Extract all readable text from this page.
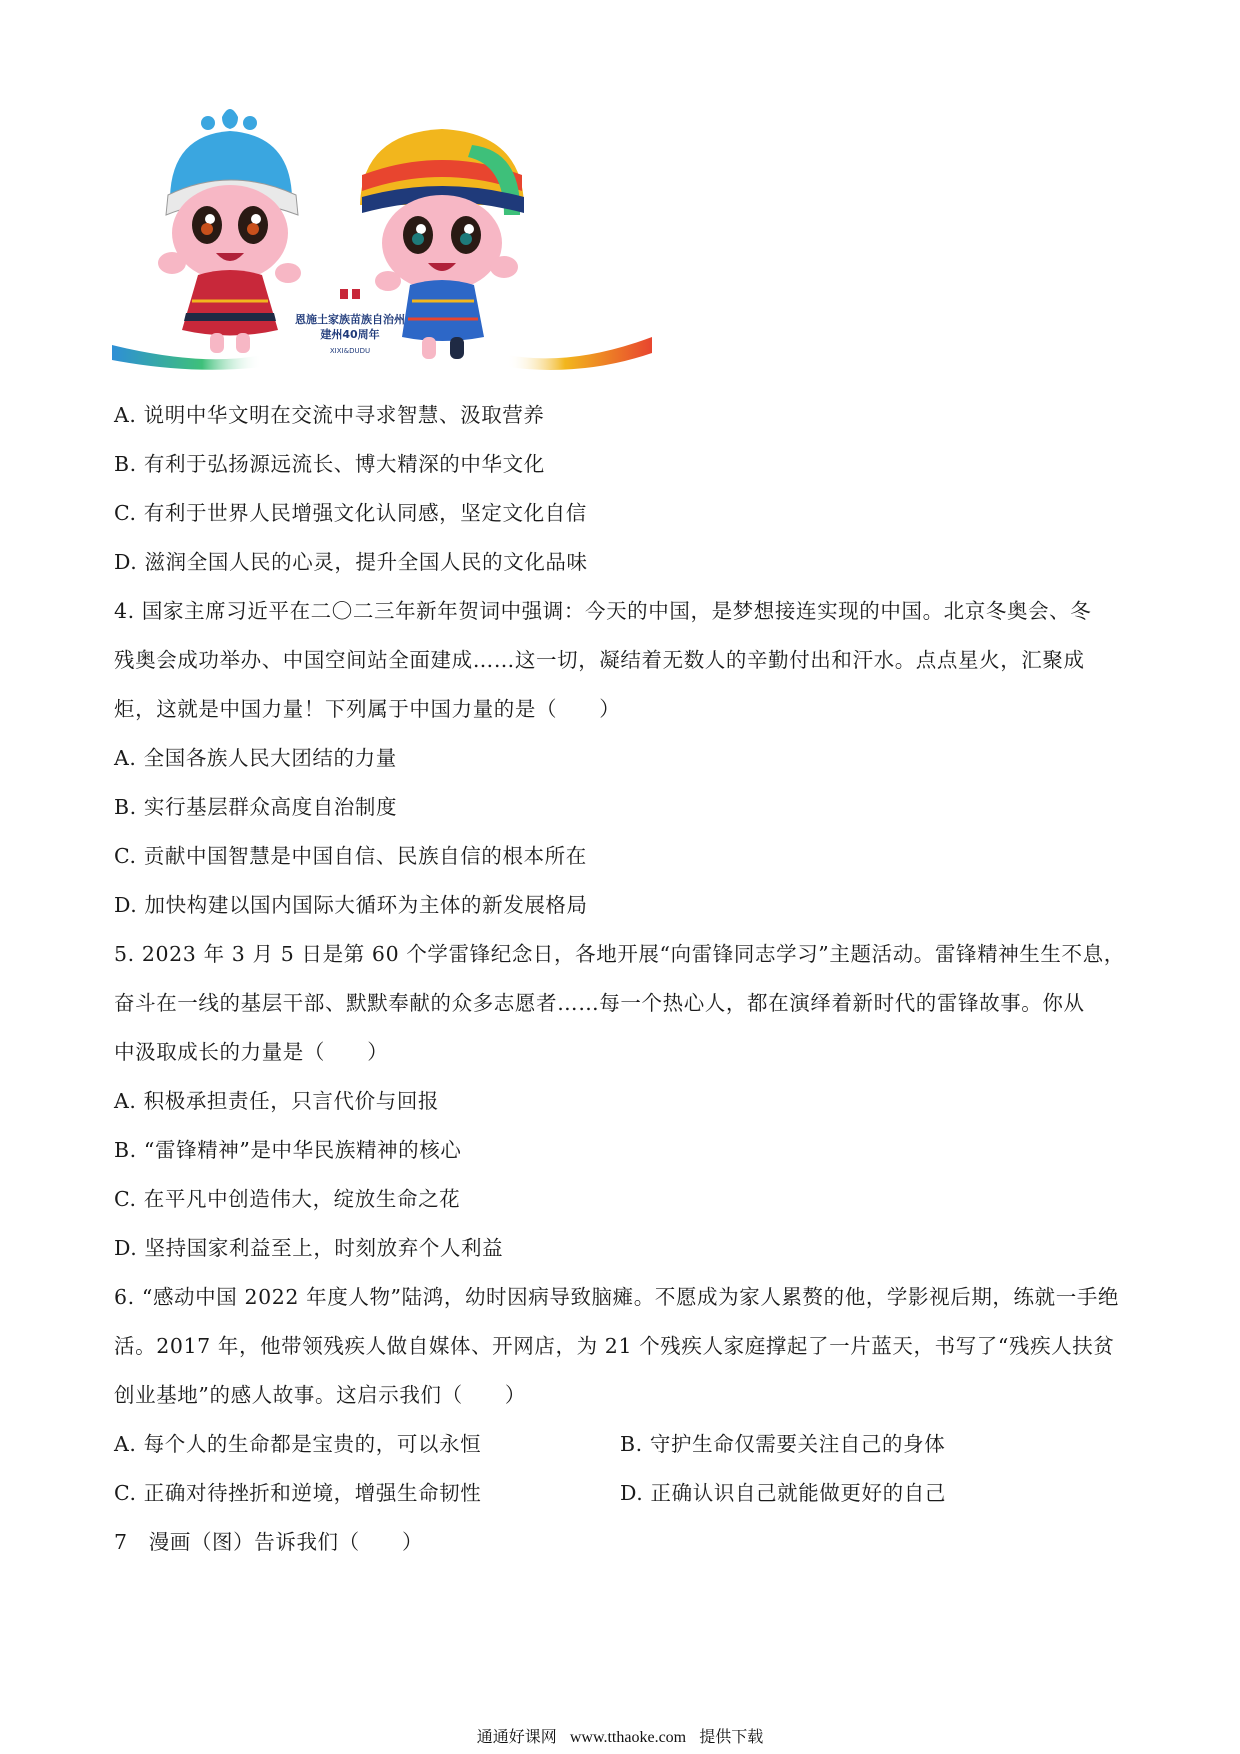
恩施土家族苗族自治州
建州40周年
XIXI&DUDU
A. 说明中华文明在交流中寻求智慧、汲取营养
B. 有利于弘扬源远流长、博大精深的中华文化
C. 有利于世界人民增强文化认同感，坚定文化自信
D. 滋润全国人民的心灵，提升全国人民的文化品味
4. 国家主席习近平在二〇二三年新年贺词中强调：今天的中国，是梦想接连实现的中国。北京冬奥会、冬
残奥会成功举办、中国空间站全面建成……这一切，凝结着无数人的辛勤付出和汗水。点点星火，汇聚成
炬，这就是中国力量！下列属于中国力量的是（　　）
A. 全国各族人民大团结的力量
B. 实行基层群众高度自治制度
C. 贡献中国智慧是中国自信、民族自信的根本所在
D. 加快构建以国内国际大循环为主体的新发展格局
5. 2023 年 3 月 5 日是第 60 个学雷锋纪念日，各地开展“向雷锋同志学习”主题活动。雷锋精神生生不息，
奋斗在一线的基层干部、默默奉献的众多志愿者……每一个热心人，都在演绎着新时代的雷锋故事。你从
中汲取成长的力量是（　　）
A. 积极承担责任，只言代价与回报
B. “雷锋精神”是中华民族精神的核心
C. 在平凡中创造伟大，绽放生命之花
D. 坚持国家利益至上，时刻放弃个人利益
6. “感动中国 2022 年度人物”陆鸿，幼时因病导致脑瘫。不愿成为家人累赘的他，学影视后期，练就一手绝
活。2017 年，他带领残疾人做自媒体、开网店，为 21 个残疾人家庭撑起了一片蓝天，书写了“残疾人扶贫
创业基地”的感人故事。这启示我们（　　）
A. 每个人的生命都是宝贵的，可以永恒	B. 守护生命仅需要关注自己的身体
C. 正确对待挫折和逆境，增强生命韧性	D. 正确认识自己就能做更好的自己
7　漫画（图）告诉我们（　　）
通通好课网 www.tthaoke.com 提供下载
